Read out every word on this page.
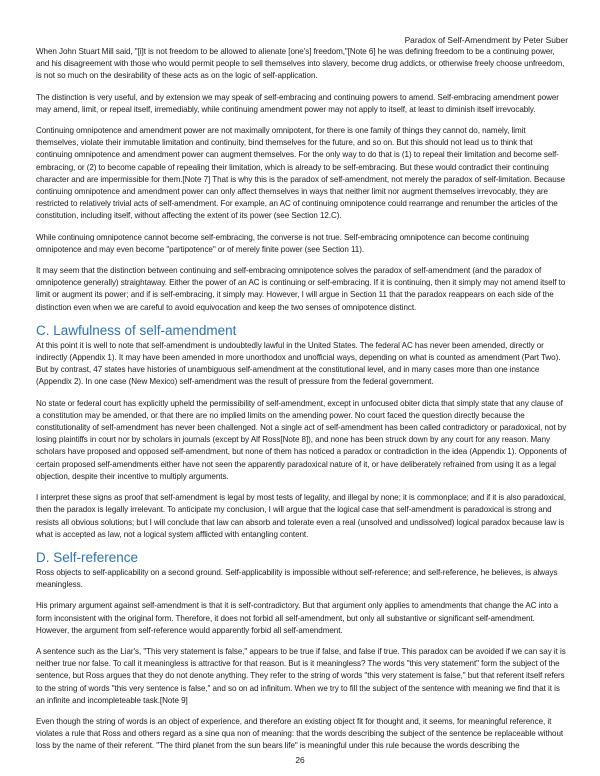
Paradox of Self-Amendment by Peter Suber

When John Stuart Mill said, "[i]t is not freedom to be allowed to alienate [one's] freedom,"[Note 6] he was defining freedom to be a continuing power, and his disagreement with those who would permit people to sell themselves into slavery, become drug addicts, or otherwise freely choose unfreedom, is not so much on the desirability of these acts as on the logic of self-application.

The distinction is very useful, and by extension we may speak of self-embracing and continuing powers to amend. Self-embracing amendment power may amend, limit, or repeal itself, irremediably, while continuing amendment power may not apply to itself, at least to diminish itself irrevocably.

Continuing omnipotence and amendment power are not maximally omnipotent, for there is one family of things they cannot do, namely, limit themselves, violate their immutable limitation and continuity, bind themselves for the future, and so on. But this should not lead us to think that continuing omnipotence and amendment power can augment themselves. For the only way to do that is (1) to repeal their limitation and become self-embracing, or (2) to become capable of repealing their limitation, which is already to be self-embracing. But these would contradict their continuing character and are impermissible for them.[Note 7] That is why this is the paradox of self-amendment, not merely the paradox of self-limitation. Because continuing omnipotence and amendment power can only affect themselves in ways that neither limit nor augment themselves irrevocably, they are restricted to relatively trivial acts of self-amendment. For example, an AC of continuing omnipotence could rearrange and renumber the articles of the constitution, including itself, without affecting the extent of its power (see Section 12.C).

While continuing omnipotence cannot become self-embracing, the converse is not true. Self-embracing omnipotence can become continuing omnipotence and may even become "partipotence" or of merely finite power (see Section 11).

It may seem that the distinction between continuing and self-embracing omnipotence solves the paradox of self-amendment (and the paradox of omnipotence generally) straightaway. Either the power of an AC is continuing or self-embracing. If it is continuing, then it simply may not amend itself to limit or augment its power; and if is self-embracing, it simply may. However, I will argue in Section 11 that the paradox reappears on each side of the distinction even when we are careful to avoid equivocation and keep the two senses of omnipotence distinct.

C. Lawfulness of self-amendment

At this point it is well to note that self-amendment is undoubtedly lawful in the United States. The federal AC has never been amended, directly or indirectly (Appendix 1). It may have been amended in more unorthodox and unofficial ways, depending on what is counted as amendment (Part Two). But by contrast, 47 states have histories of unambiguous self-amendment at the constitutional level, and in many cases more than one instance (Appendix 2). In one case (New Mexico) self-amendment was the result of pressure from the federal government.

No state or federal court has explicitly upheld the permissibility of self-amendment, except in unfocused obiter dicta that simply state that any clause of a constitution may be amended, or that there are no implied limits on the amending power. No court faced the question directly because the constitutionality of self-amendment has never been challenged. Not a single act of self-amendment has been called contradictory or paradoxical, not by losing plaintiffs in court nor by scholars in journals (except by Alf Ross[Note 8]), and none has been struck down by any court for any reason. Many scholars have proposed and opposed self-amendment, but none of them has noticed a paradox or contradiction in the idea (Appendix 1). Opponents of certain proposed self-amendments either have not seen the apparently paradoxical nature of it, or have deliberately refrained from using it as a legal objection, despite their incentive to multiply arguments.

I interpret these signs as proof that self-amendment is legal by most tests of legality, and illegal by none; it is commonplace; and if it is also paradoxical, then the paradox is legally irrelevant. To anticipate my conclusion, I will argue that the logical case that self-amendment is paradoxical is strong and resists all obvious solutions; but I will conclude that law can absorb and tolerate even a real (unsolved and undissolved) logical paradox because law is what is accepted as law, not a logical system afflicted with entangling content.

D. Self-reference

Ross objects to self-applicability on a second ground. Self-applicability is impossible without self-reference; and self-reference, he believes, is always meaningless.

His primary argument against self-amendment is that it is self-contradictory. But that argument only applies to amendments that change the AC into a form inconsistent with the original form. Therefore, it does not forbid all self-amendment, but only all substantive or significant self-amendment. However, the argument from self-reference would apparently forbid all self-amendment.

A sentence such as the Liar's, "This very statement is false," appears to be true if false, and false if true. This paradox can be avoided if we can say it is neither true nor false. To call it meaningless is attractive for that reason. But is it meaningless? The words "this very statement" form the subject of the sentence, but Ross argues that they do not denote anything. They refer to the string of words "this very statement is false," but that referent itself refers to the string of words "this very sentence is false," and so on ad infinitum. When we try to fill the subject of the sentence with meaning we find that it is an infinite and incompleteable task.[Note 9]

Even though the string of words is an object of experience, and therefore an existing object fit for thought and, it seems, for meaningful reference, it violates a rule that Ross and others regard as a sine qua non of meaning: that the words describing the subject of the sentence be replaceable without loss by the name of their referent. "The third planet from the sun bears life" is meaningful under this rule because the words describing the

26
